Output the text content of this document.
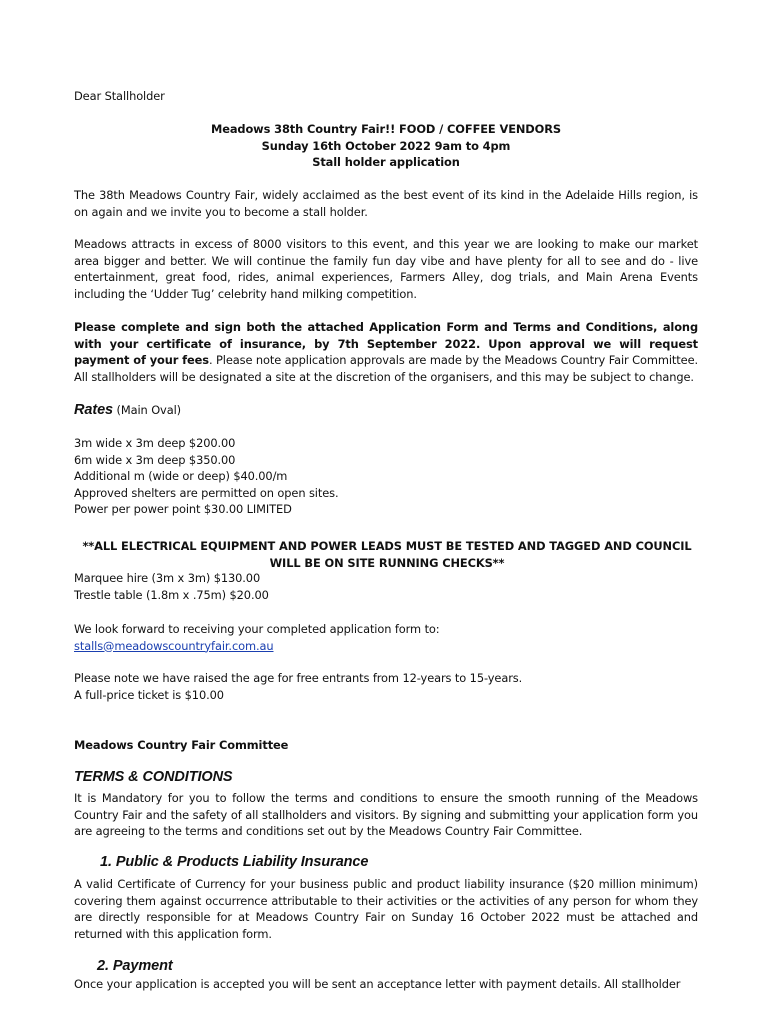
Dear Stallholder

Meadows 38th Country Fair!! FOOD / COFFEE VENDORS

Sunday 16th October 2022 9am to 4pm

Stall holder application

The 38th Meadows Country Fair, widely acclaimed as the best event of its kind in the Adelaide Hills region, is on again and we invite you to become a stall holder.

Meadows attracts in excess of 8000 visitors to this event, and this year we are looking to make our market area bigger and better. We will continue the family fun day vibe and have plenty for all to see and do - live entertainment, great food, rides, animal experiences, Farmers Alley, dog trials, and Main Arena Events including the ‘Udder Tug’ celebrity hand milking competition.

Please complete and sign both the attached Application Form and Terms and Conditions, along with your certificate of insurance, by 7th September 2022. Upon approval we will request payment of your fees. Please note application approvals are made by the Meadows Country Fair Committee. All stallholders will be designated a site at the discretion of the organisers, and this may be subject to change.

Rates (Main Oval)

3m wide x 3m deep $200.00
6m wide x 3m deep $350.00
Additional m (wide or deep) $40.00/m
Approved shelters are permitted on open sites.
Power per power point $30.00 LIMITED

**ALL ELECTRICAL EQUIPMENT AND POWER LEADS MUST BE TESTED AND TAGGED AND COUNCIL WILL BE ON SITE RUNNING CHECKS**

Marquee hire (3m x 3m) $130.00
Trestle table (1.8m x .75m) $20.00

We look forward to receiving your completed application form to:
stalls@meadowscountryfair.com.au

Please note we have raised the age for free entrants from 12-years to 15-years.
A full-price ticket is $10.00

Meadows Country Fair Committee

TERMS & CONDITIONS

It is Mandatory for you to follow the terms and conditions to ensure the smooth running of the Meadows Country Fair and the safety of all stallholders and visitors. By signing and submitting your application form you are agreeing to the terms and conditions set out by the Meadows Country Fair Committee.

1. Public & Products Liability Insurance

A valid Certificate of Currency for your business public and product liability insurance ($20 million minimum) covering them against occurrence attributable to their activities or the activities of any person for whom they are directly responsible for at Meadows Country Fair on Sunday 16 October 2022 must be attached and returned with this application form.

2. Payment

Once your application is accepted you will be sent an acceptance letter with payment details. All stallholder
